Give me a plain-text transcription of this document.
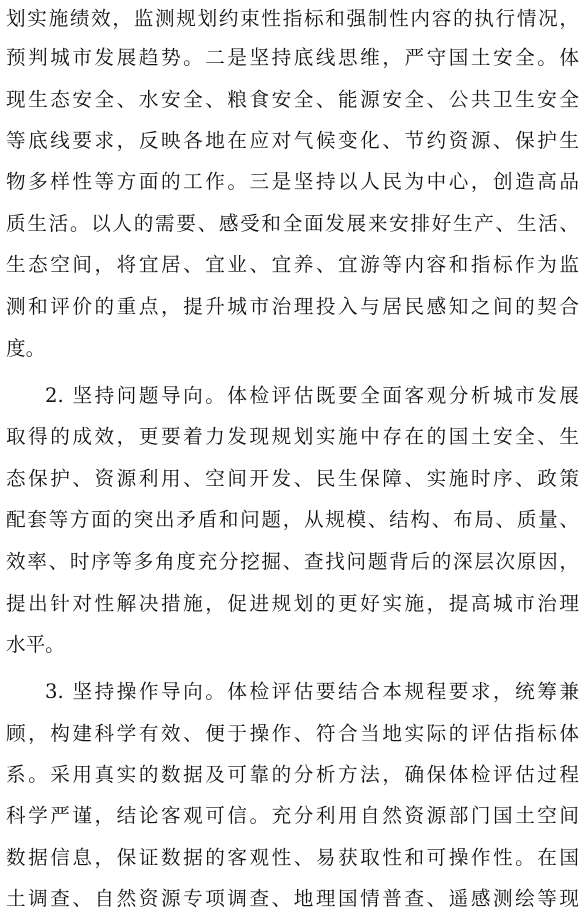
划实施绩效，监测规划约束性指标和强制性内容的执行情况，
预判城市发展趋势。二是坚持底线思维，严守国土安全。体
现生态安全、水安全、粮食安全、能源安全、公共卫生安全
等底线要求，反映各地在应对气候变化、节约资源、保护生
物多样性等方面的工作。三是坚持以人民为中心，创造高品
质生活。以人的需要、感受和全面发展来安排好生产、生活、
生态空间，将宜居、宜业、宜养、宜游等内容和指标作为监
测和评价的重点，提升城市治理投入与居民感知之间的契合
度。
2. 坚持问题导向。体检评估既要全面客观分析城市发展
取得的成效，更要着力发现规划实施中存在的国土安全、生
态保护、资源利用、空间开发、民生保障、实施时序、政策
配套等方面的突出矛盾和问题，从规模、结构、布局、质量、
效率、时序等多角度充分挖掘、查找问题背后的深层次原因，
提出针对性解决措施，促进规划的更好实施，提高城市治理
水平。
3. 坚持操作导向。体检评估要结合本规程要求，统筹兼
顾，构建科学有效、便于操作、符合当地实际的评估指标体
系。采用真实的数据及可靠的分析方法，确保体检评估过程
科学严谨，结论客观可信。充分利用自然资源部门国土空间
数据信息，保证数据的客观性、易获取性和可操作性。在国
土调查、自然资源专项调查、地理国情普查、遥感测绘等现
